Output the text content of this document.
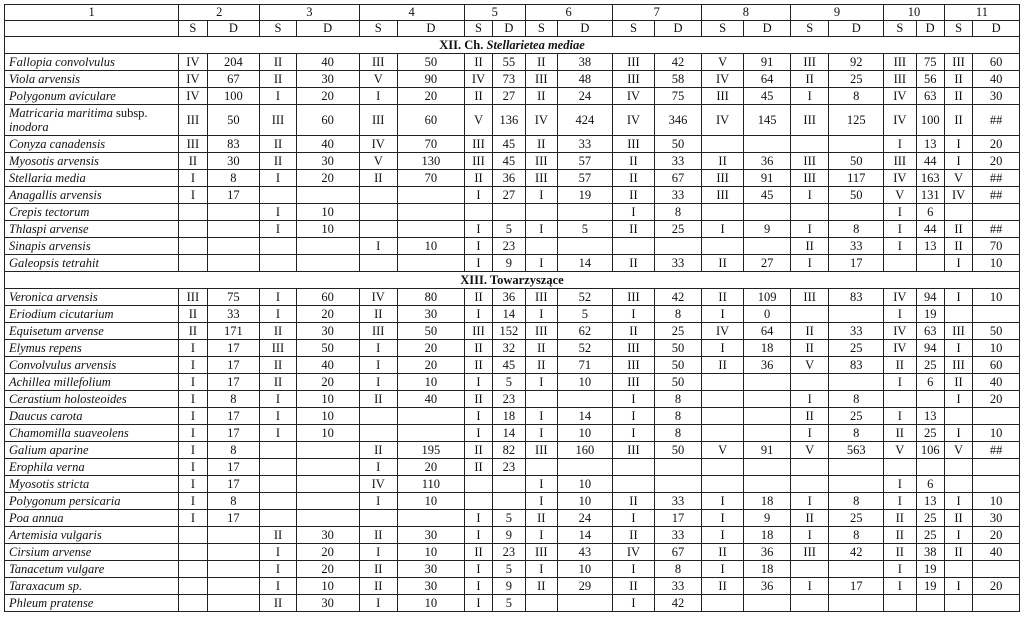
1	2		3		4		5		6		7		8		9		10		11	
	S	D	S	D	S	D	S	D	S	D	S	D	S	D	S	D	S	D	S	D
XII. Ch. Stellarietea mediae																				
Fallopia convolvulus	IV	204	II	40	III	50	II	55	II	38	III	42	V	91	III	92	III	75	III	60
Viola arvensis	IV	67	II	30	V	90	IV	73	III	48	III	58	IV	64	II	25	III	56	II	40
Polygonum aviculare	IV	100	I	20	I	20	II	27	II	24	IV	75	III	45	I	8	IV	63	II	30
Matricaria maritima subsp.
inodora	III	50	III	60	III	60	V	136	IV	424	IV	346	IV	145	III	125	IV	100	II	##
Conyza canadensis	III	83	II	40	IV	70	III	45	II	33	III	50					I	13	I	20
Myosotis arvensis	II	30	II	30	V	130	III	45	III	57	II	33	II	36	III	50	III	44	I	20
Stellaria media	I	8	I	20	II	70	II	36	III	57	II	67	III	91	III	117	IV	163	V	##
Anagallis arvensis	I	17					I	27	I	19	II	33	III	45	I	50	V	131	IV	##
Crepis tectorum			I	10							I	8					I	6		
Thlaspi arvense			I	10			I	5	I	5	II	25	I	9	I	8	I	44	II	##
Sinapis arvensis					I	10	I	23							II	33	I	13	II	70
Galeopsis tetrahit							I	9	I	14	II	33	II	27	I	17			I	10
XIII. Towarzyszące																				
Veronica arvensis	III	75	I	60	IV	80	II	36	III	52	III	42	II	109	III	83	IV	94	I	10
Eriodium cicutarium	II	33	I	20	II	30	I	14	I	5	I	8	I	0			I	19		
Equisetum arvense	II	171	II	30	III	50	III	152	III	62	II	25	IV	64	II	33	IV	63	III	50
Elymus repens	I	17	III	50	I	20	II	32	II	52	III	50	I	18	II	25	IV	94	I	10
Convolvulus arvensis	I	17	II	40	I	20	II	45	II	71	III	50	II	36	V	83	II	25	III	60
Achillea millefolium	I	17	II	20	I	10	I	5	I	10	III	50					I	6	II	40
Cerastium holosteoides	I	8	I	10	II	40	II	23			I	8			I	8			I	20
Daucus carota	I	17	I	10			I	18	I	14	I	8			II	25	I	13		
Chamomilla suaveolens	I	17	I	10			I	14	I	10	I	8			I	8	II	25	I	10
Galium aparine	I	8			II	195	II	82	III	160	III	50	V	91	V	563	V	106	V	##
Erophila verna	I	17			I	20	II	23												
Myosotis stricta	I	17			IV	110			I	10							I	6		
Polygonum persicaria	I	8			I	10			I	10	II	33	I	18	I	8	I	13	I	10
Poa annua	I	17					I	5	II	24	I	17	I	9	II	25	II	25	II	30
Artemisia vulgaris			II	30	II	30	I	9	I	14	II	33	I	18	I	8	II	25	I	20
Cirsium arvense			I	20	I	10	II	23	III	43	IV	67	II	36	III	42	II	38	II	40
Tanacetum vulgare			I	20	II	30	I	5	I	10	I	8	I	18			I	19		
Taraxacum sp.			I	10	II	30	I	9	II	29	II	33	II	36	I	17	I	19	I	20
Phleum pratense			II	30	I	10	I	5			I	42								
